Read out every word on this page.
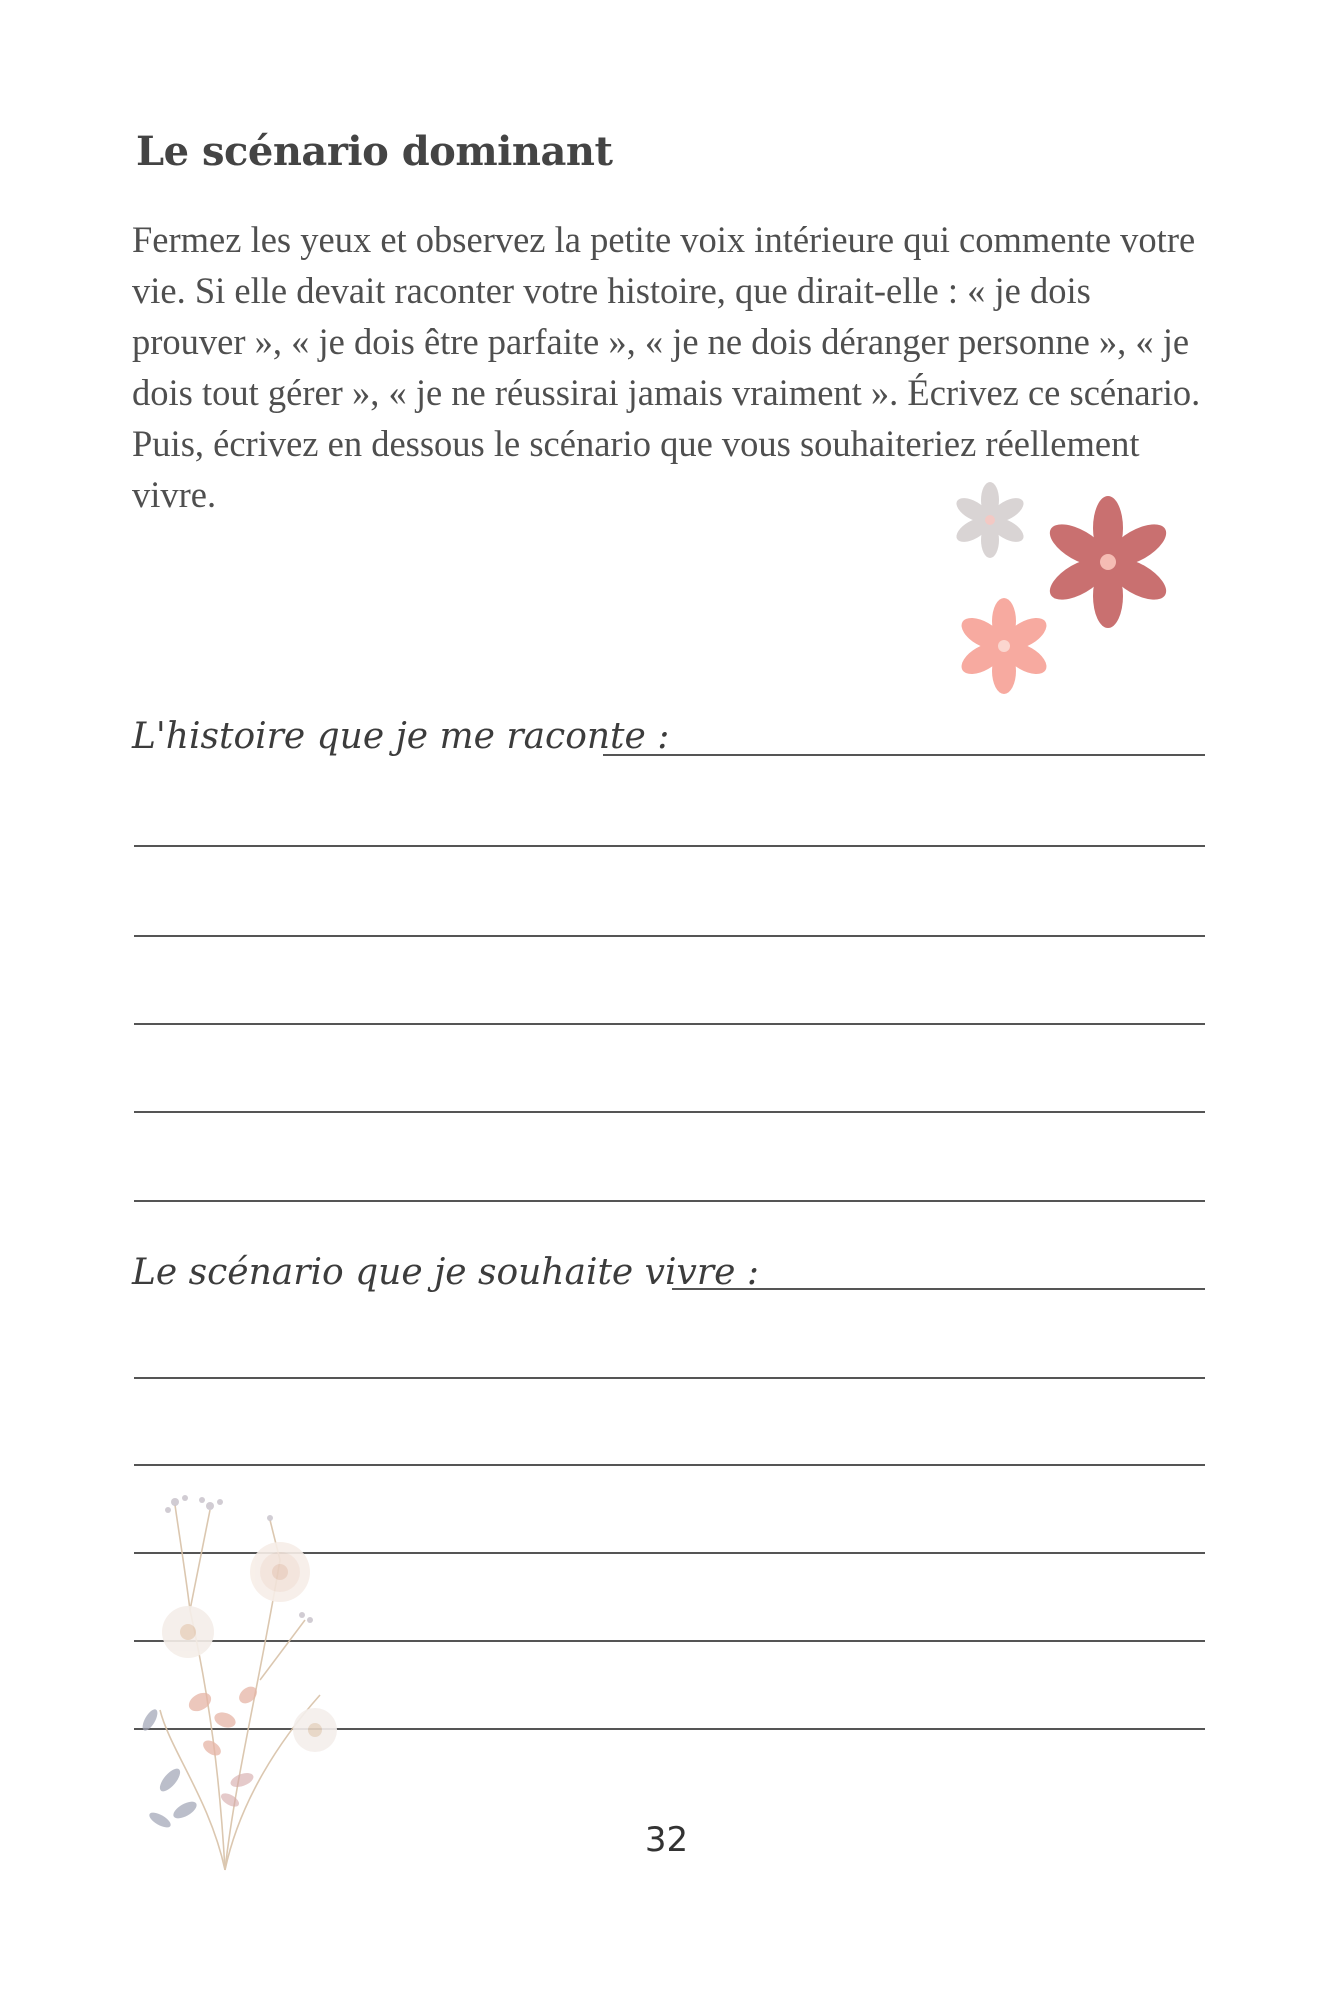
Le scénario dominant

Fermez les yeux et observez la petite voix intérieure qui commente votre vie. Si elle devait raconter votre histoire, que dirait-elle : « je dois prouver », « je dois être parfaite », « je ne dois déranger personne », « je dois tout gérer », « je ne réussirai jamais vraiment ». Écrivez ce scénario. Puis, écrivez en dessous le scénario que vous souhaiteriez réellement vivre.

L'histoire que je me raconte :
Le scénario que je souhaite vivre :
32
